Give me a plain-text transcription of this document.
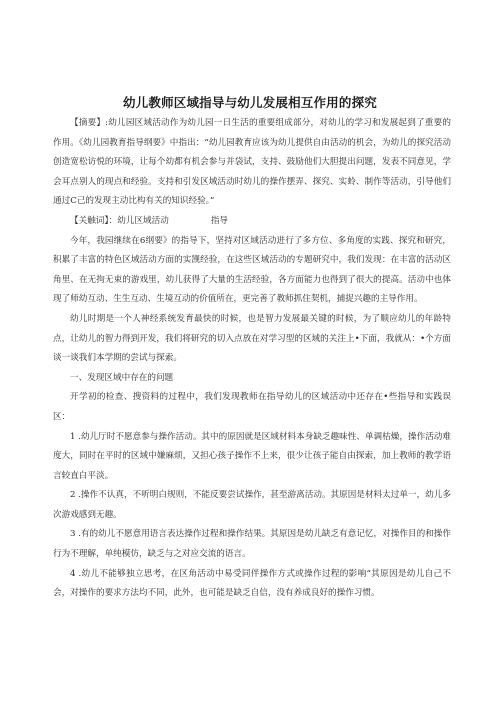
幼儿教师区域指导与幼儿发展相互作用的探究

【摘要】:幼儿园区域活动作为幼儿园一日生活的重要组成部分，对幼儿的学习和发展起到了重要的作用。《幼儿园教育指导纲要》中指出：“幼儿园教育应该为幼儿提供自由活动的机会，为幼儿的探究活动创造宽松访悦的环境，让每个幼都有机会参与并袋试，支持、鼓励他们大胆提出问题，发表不同意见，学会耳点别人的现点和经验。支持和引发区域活动时幼儿的操作摆弄、探究、实蛉、制作等活动，引导他们通过C己的发现主动比构有关的知识经验。”

【关触词】：幼儿区域活动	指导

今年，我园继续在6纲要》的指导下，坚持对区域活动进行了多方位、多角度的实践、探究和研究，积累了丰富的特色区域活动方面的实觊经验，在这些区域活动的专题研究中，我们发现：在丰富的活动区角里、在无拘无束的游戏里，幼儿获得了大量的生活经验，各方面能力也得到了很大的提高。活动中也体现了师幼互动、生生互动、生境互动的价值所在，更完善了教师抓住契机，捕捉兴趣的主导作用。

幼儿时期是一个人神经系统发育最快的时候，也是智力发展最关键的时候，为了顺应幼儿的年龄特点，让幼儿的智力得到开发，我们将研究的切入点放在对学习型的区域的关注上•下面，我就从：•个方面谈一谈我们本学期的尝试与探索。

一、发现区域中存在的问题

开学初的检查、搜资料的过程中，我们发现教师在指导幼儿的区域活动中还存在•些指导和实践误区：

1 .幼儿厅时不愿意参与操作活动。其中的原因就是区域材料本身缺乏趣味性、单调枯燥，操作活动难度大，同时在平时的区域中嫌麻烦，又担心孩子操作不上来，很少让孩子能自由探索，加上教师的教学语言较直白平淡。

2 .操作不认真，不听明白规则，不能反要尝试操作，甚至游离活动。其原因是材料太过单一，幼儿多次游戏感到无趣。

3 .有的幼儿不愿意用语言表达操作过程和操作结果。其原因是幼儿缺乏有意记忆，对操作目的和操作行为不理解，单纯模仿，缺乏与之对应交流的语言。

4 .幼儿不能够独立思考，在区角活动中易受同伴操作方式或操作过程的影响“其原因是幼儿自己不会，对操作的要求方法均不同，此外，也可能是缺乏自信，没有养成良好的操作习惯。
